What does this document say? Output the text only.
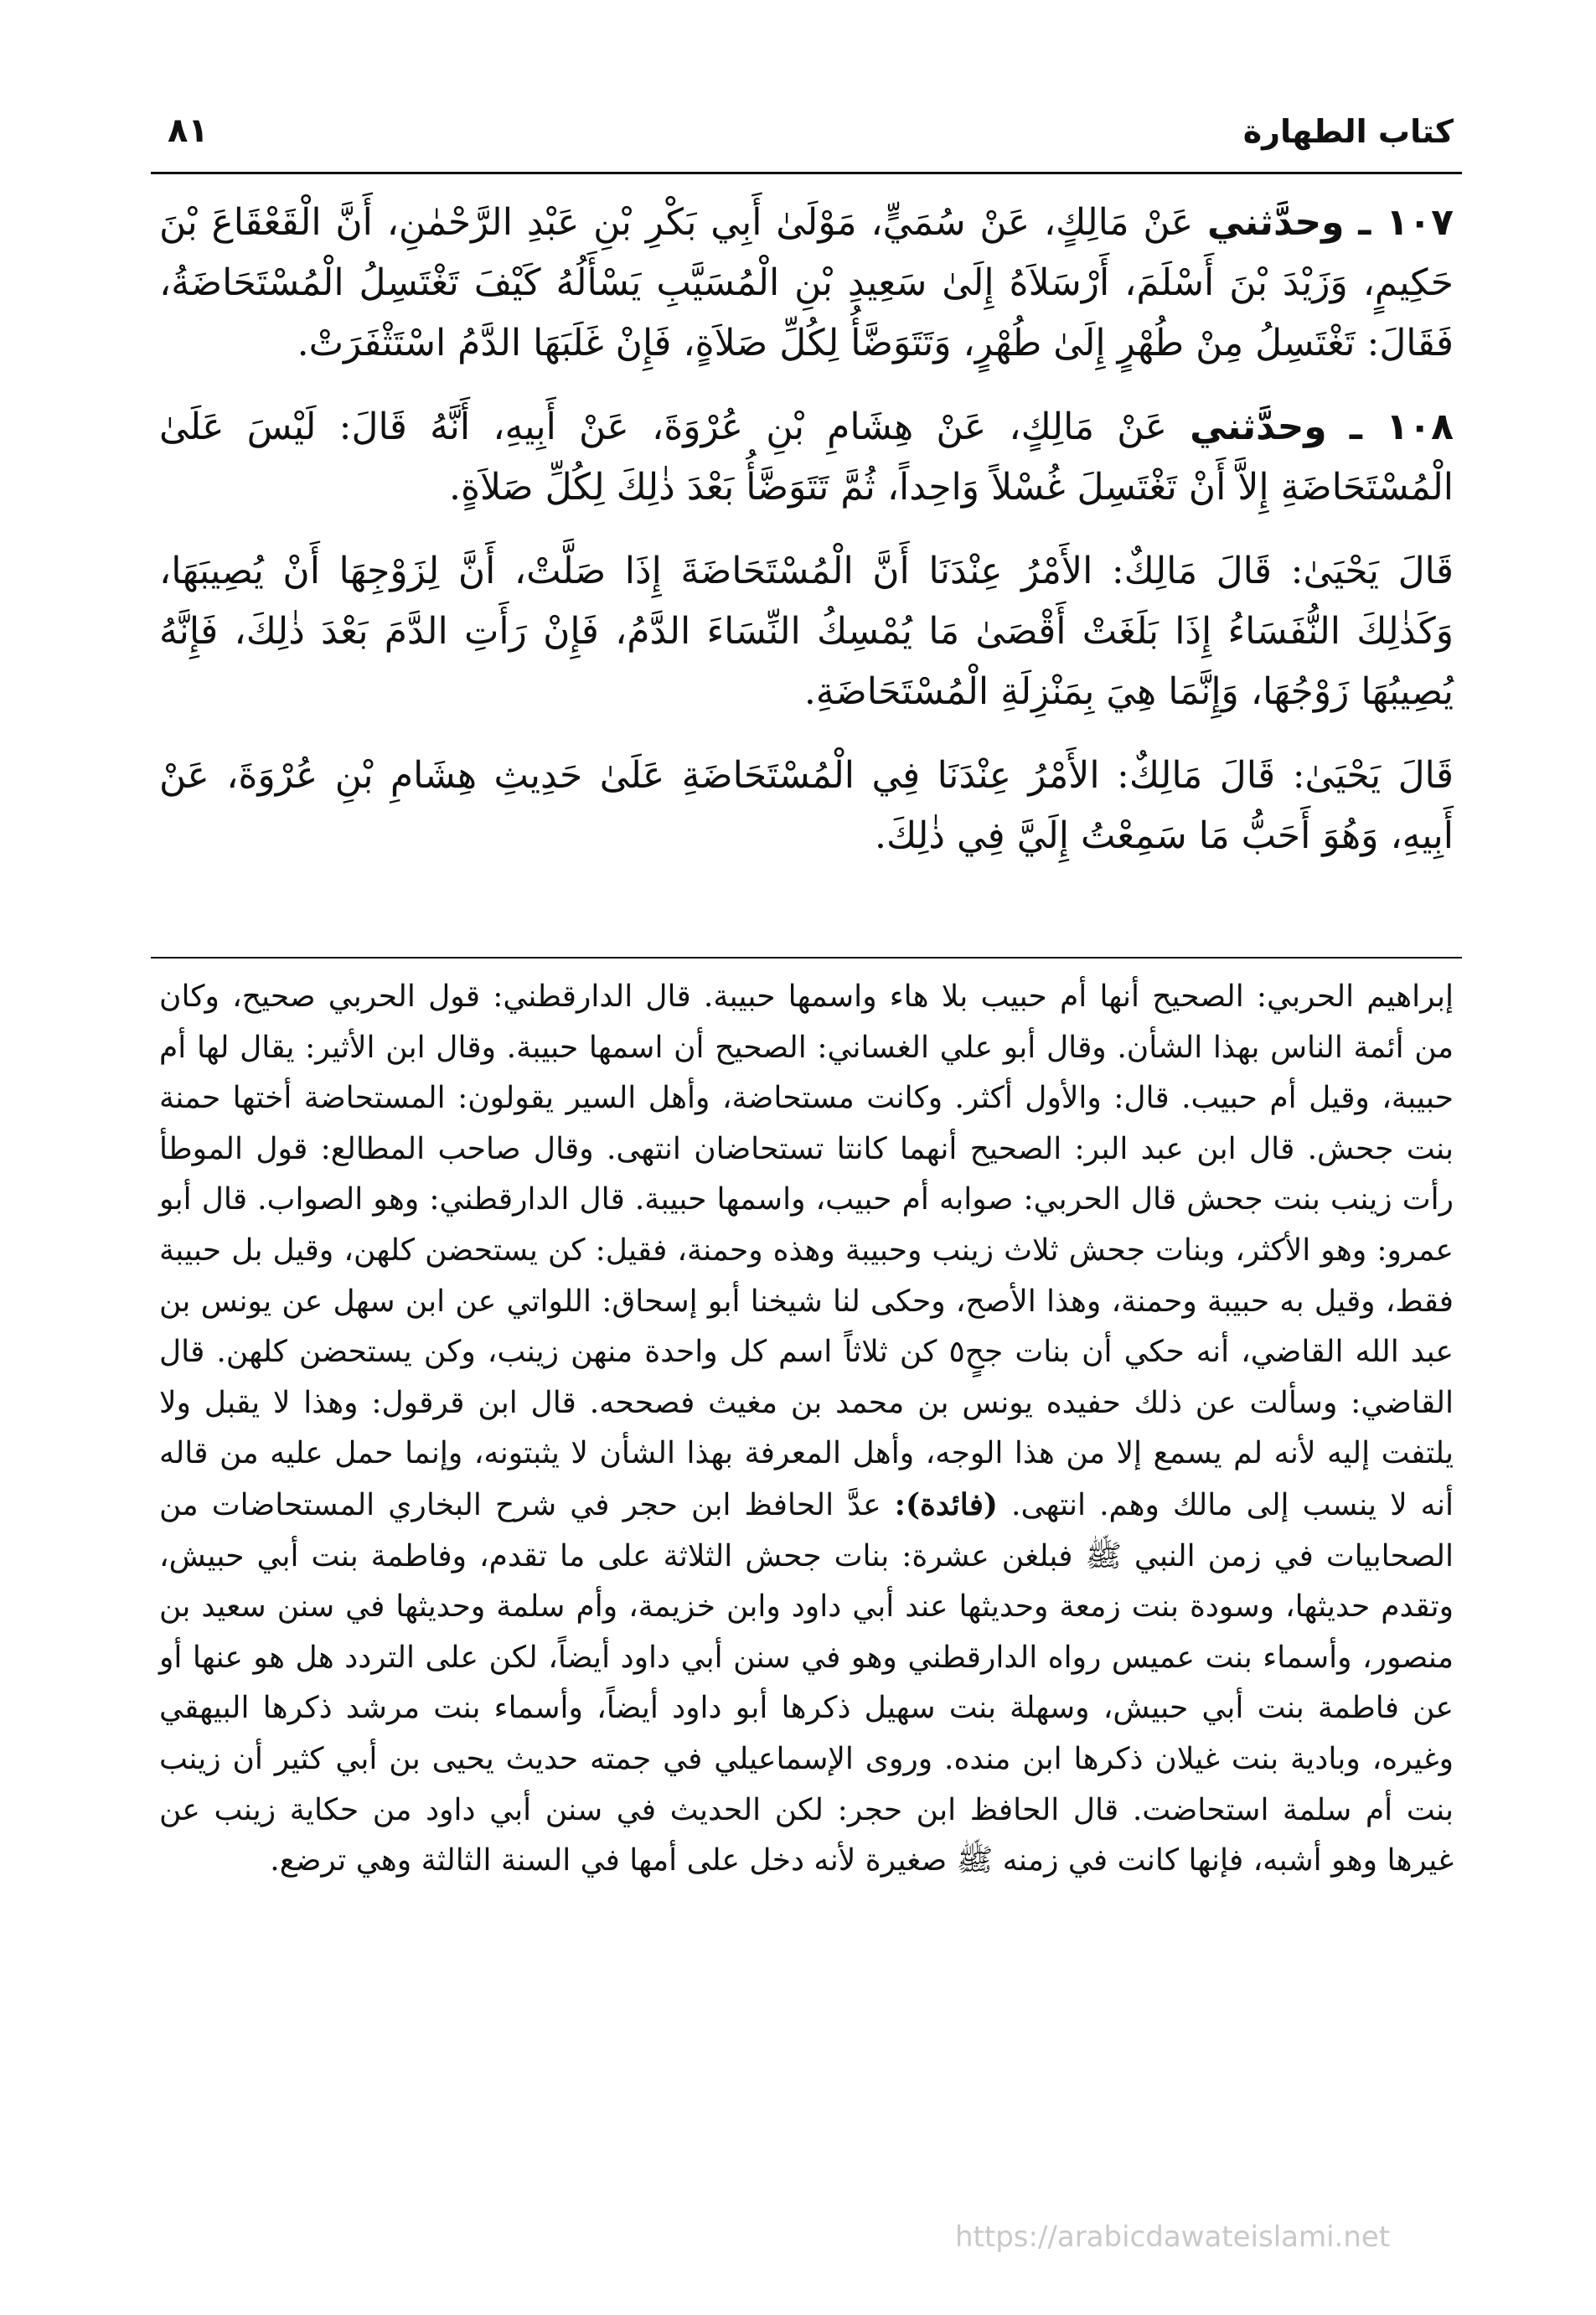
كتاب الطهارة
٨١

١٠٧ ـ وحدَّثني عَنْ مَالِكٍ، عَنْ سُمَيٍّ، مَوْلَىٰ أَبِي بَكْرِ بْنِ عَبْدِ الرَّحْمٰنِ، أَنَّ الْقَعْقَاعَ بْنَ حَكِيمٍ، وَزَيْدَ بْنَ أَسْلَمَ، أَرْسَلاَهُ إِلَىٰ سَعِيدِ بْنِ الْمُسَيَّبِ يَسْأَلُهُ كَيْفَ تَغْتَسِلُ الْمُسْتَحَاضَةُ، فَقَالَ: تَغْتَسِلُ مِنْ طُهْرٍ إِلَىٰ طُهْرٍ، وَتَتَوَضَّأُ لِكُلِّ صَلاَةٍ، فَإِنْ غَلَبَهَا الدَّمُ اسْتَثْفَرَتْ.

١٠٨ ـ وحدَّثني عَنْ مَالِكٍ، عَنْ هِشَامِ بْنِ عُرْوَةَ، عَنْ أَبِيهِ، أَنَّهُ قَالَ: لَيْسَ عَلَىٰ الْمُسْتَحَاضَةِ إِلاَّ أَنْ تَغْتَسِلَ غُسْلاً وَاحِداً، ثُمَّ تَتَوَضَّأُ بَعْدَ ذٰلِكَ لِكُلِّ صَلاَةٍ.

قَالَ يَحْيَىٰ: قَالَ مَالِكٌ: الأَمْرُ عِنْدَنَا أَنَّ الْمُسْتَحَاضَةَ إِذَا صَلَّتْ، أَنَّ لِزَوْجِهَا أَنْ يُصِيبَهَا، وَكَذٰلِكَ النُّفَسَاءُ إِذَا بَلَغَتْ أَقْصَىٰ مَا يُمْسِكُ النِّسَاءَ الدَّمُ، فَإِنْ رَأَتِ الدَّمَ بَعْدَ ذٰلِكَ، فَإِنَّهُ يُصِيبُهَا زَوْجُهَا، وَإِنَّمَا هِيَ بِمَنْزِلَةِ الْمُسْتَحَاضَةِ.

قَالَ يَحْيَىٰ: قَالَ مَالِكٌ: الأَمْرُ عِنْدَنَا فِي الْمُسْتَحَاضَةِ عَلَىٰ حَدِيثِ هِشَامِ بْنِ عُرْوَةَ، عَنْ أَبِيهِ، وَهُوَ أَحَبُّ مَا سَمِعْتُ إِلَيَّ فِي ذٰلِكَ.

إبراهيم الحربي: الصحيح أنها أم حبيب بلا هاء واسمها حبيبة. قال الدارقطني: قول الحربي صحيح، وكان من أئمة الناس بهذا الشأن. وقال أبو علي الغساني: الصحيح أن اسمها حبيبة. وقال ابن الأثير: يقال لها أم حبيبة، وقيل أم حبيب. قال: والأول أكثر. وكانت مستحاضة، وأهل السير يقولون: المستحاضة أختها حمنة بنت جحش. قال ابن عبد البر: الصحيح أنهما كانتا تستحاضان انتهى. وقال صاحب المطالع: قول الموطأ رأت زينب بنت جحش قال الحربي: صوابه أم حبيب، واسمها حبيبة. قال الدارقطني: وهو الصواب. قال أبو عمرو: وهو الأكثر، وبنات جحش ثلاث زينب وحبيبة وهذه وحمنة، فقيل: كن يستحضن كلهن، وقيل بل حبيبة فقط، وقيل به حبيبة وحمنة، وهذا الأصح، وحكى لنا شيخنا أبو إسحاق: اللواتي عن ابن سهل عن يونس بن عبد الله القاضي، أنه حكي أن بنات جحٍ٥ كن ثلاثاً اسم كل واحدة منهن زينب، وكن يستحضن كلهن. قال القاضي: وسألت عن ذلك حفيده يونس بن محمد بن مغيث فصححه. قال ابن قرقول: وهذا لا يقبل ولا يلتفت إليه لأنه لم يسمع إلا من هذا الوجه، وأهل المعرفة بهذا الشأن لا يثبتونه، وإنما حمل عليه من قاله أنه لا ينسب إلى مالك وهم. انتهى. (فائدة): عدَّ الحافظ ابن حجر في شرح البخاري المستحاضات من الصحابيات في زمن النبي ﷺ فبلغن عشرة: بنات جحش الثلاثة على ما تقدم، وفاطمة بنت أبي حبيش، وتقدم حديثها، وسودة بنت زمعة وحديثها عند أبي داود وابن خزيمة، وأم سلمة وحديثها في سنن سعيد بن منصور، وأسماء بنت عميس رواه الدارقطني وهو في سنن أبي داود أيضاً، لكن على التردد هل هو عنها أو عن فاطمة بنت أبي حبيش، وسهلة بنت سهيل ذكرها أبو داود أيضاً، وأسماء بنت مرشد ذكرها البيهقي وغيره، وبادية بنت غيلان ذكرها ابن منده. وروى الإسماعيلي في جمته حديث يحيى بن أبي كثير أن زينب بنت أم سلمة استحاضت. قال الحافظ ابن حجر: لكن الحديث في سنن أبي داود من حكاية زينب عن غيرها وهو أشبه، فإنها كانت في زمنه ﷺ صغيرة لأنه دخل على أمها في السنة الثالثة وهي ترضع.
https://arabicdawateislami.net
